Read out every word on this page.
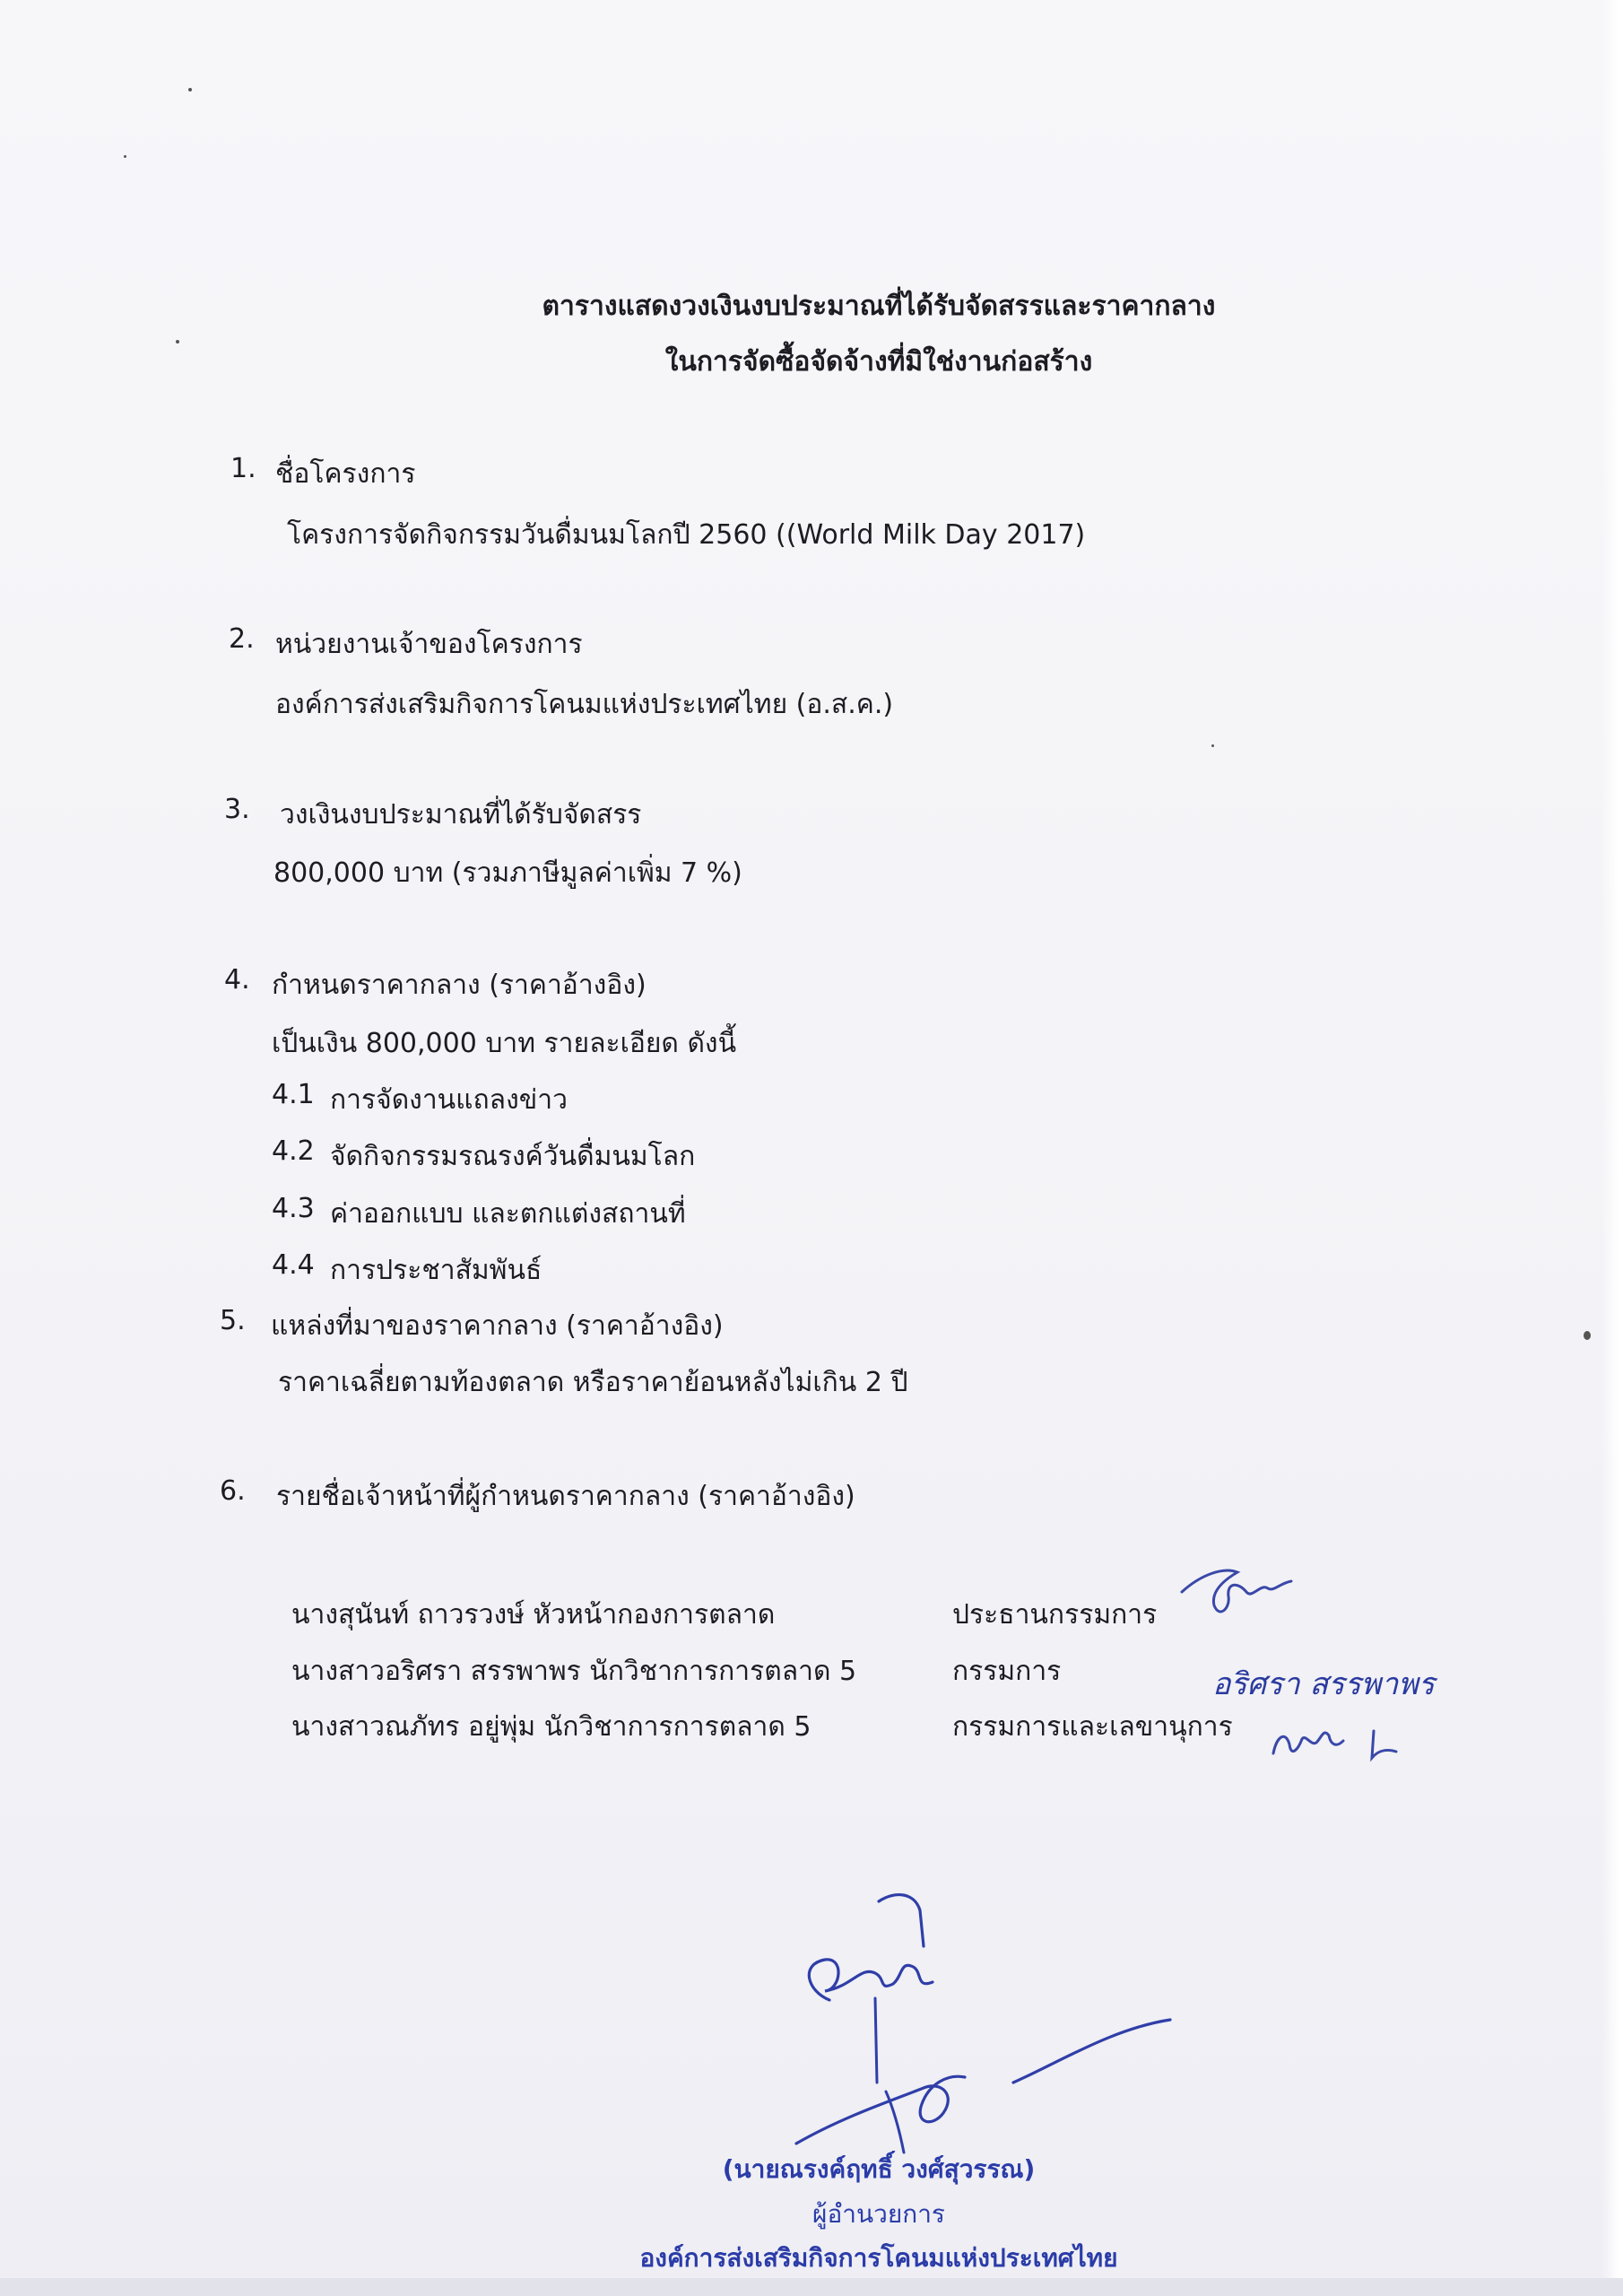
ตารางแสดงวงเงินงบประมาณที่ได้รับจัดสรรและราคากลาง
ในการจัดซื้อจัดจ้างที่มิใช่งานก่อสร้าง
1. ชื่อโครงการ
โครงการจัดกิจกรรมวันดื่มนมโลกปี 2560 ((World Milk Day 2017)
2. หน่วยงานเจ้าของโครงการ
องค์การส่งเสริมกิจการโคนมแห่งประเทศไทย (อ.ส.ค.)
3. วงเงินงบประมาณที่ได้รับจัดสรร
800,000 บาท (รวมภาษีมูลค่าเพิ่ม 7 %)
4. กำหนดราคากลาง (ราคาอ้างอิง)
เป็นเงิน 800,000 บาท รายละเอียด ดังนี้
4.1 การจัดงานแถลงข่าว
4.2 จัดกิจกรรมรณรงค์วันดื่มนมโลก
4.3 ค่าออกแบบ และตกแต่งสถานที่
4.4 การประชาสัมพันธ์
5. แหล่งที่มาของราคากลาง (ราคาอ้างอิง)
ราคาเฉลี่ยตามท้องตลาด หรือราคาย้อนหลังไม่เกิน 2 ปี
6. รายชื่อเจ้าหน้าที่ผู้กำหนดราคากลาง (ราคาอ้างอิง)
นางสุนันท์ ถาวรวงษ์ หัวหน้ากองการตลาด	ประธานกรรมการ
นางสาวอริศรา สรรพาพร นักวิชาการการตลาด 5	กรรมการ
นางสาวณภัทร อยู่พุ่ม นักวิชาการการตลาด 5	กรรมการและเลขานุการ
อริศรา สรรพาพร
(นายณรงค์ฤทธิ์ วงศ์สุวรรณ)
ผู้อำนวยการ
องค์การส่งเสริมกิจการโคนมแห่งประเทศไทย
